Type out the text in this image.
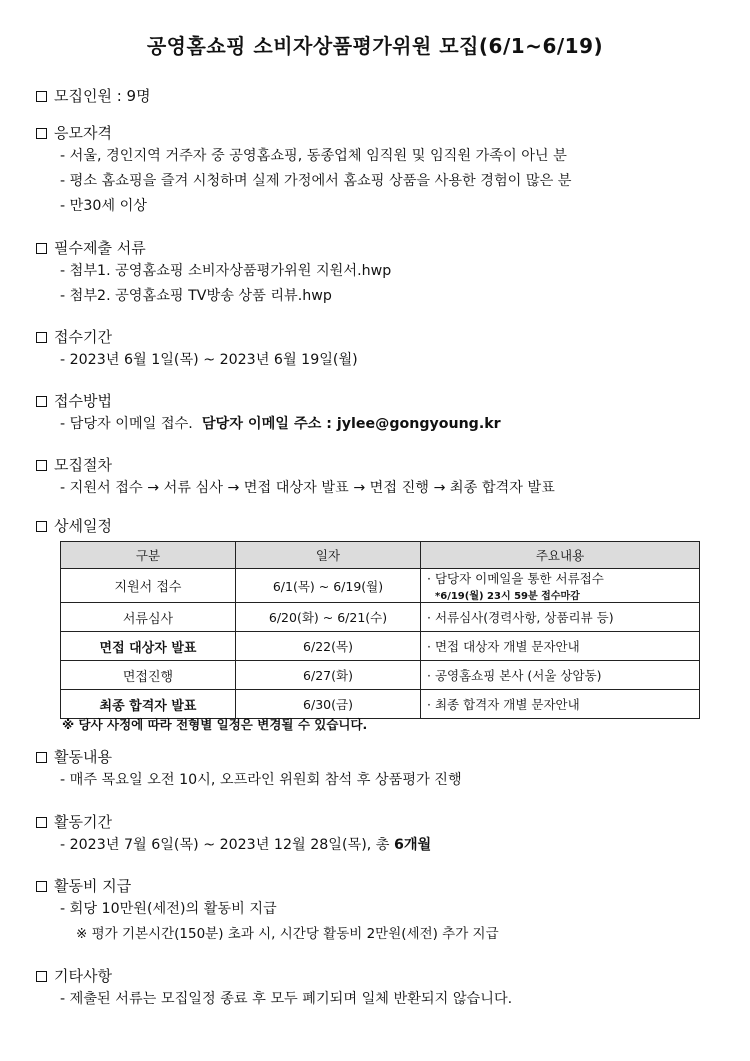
공영홈쇼핑 소비자상품평가위원 모집(6/1~6/19)
모집인원 : 9명
응모자격
- 서울, 경인지역 거주자 중 공영홈쇼핑, 동종업체 임직원 및 임직원 가족이 아닌 분
- 평소 홈쇼핑을 즐겨 시청하며 실제 가정에서 홈쇼핑 상품을 사용한 경험이 많은 분
- 만30세 이상
필수제출 서류
- 첨부1. 공영홈쇼핑 소비자상품평가위원 지원서.hwp
- 첨부2. 공영홈쇼핑 TV방송 상품 리뷰.hwp
접수기간
- 2023년 6월 1일(목) ~ 2023년 6월 19일(월)
접수방법
- 담당자 이메일 접수. 담당자 이메일 주소 : jylee@gongyoung.kr
모집절차
- 지원서 접수 → 서류 심사 → 면접 대상자 발표 → 면접 진행 → 최종 합격자 발표
상세일정
구분	일자	주요내용
지원서 접수	6/1(목) ~ 6/19(월)	· 담당자 이메일을 통한 서류접수
*6/19(월) 23시 59분 접수마감

서류심사	6/20(화) ~ 6/21(수)	· 서류심사(경력사항, 상품리뷰 등)
면접 대상자 발표	6/22(목)	· 면접 대상자 개별 문자안내
면접진행	6/27(화)	· 공영홈쇼핑 본사 (서울 상암동)
최종 합격자 발표	6/30(금)	· 최종 합격자 개별 문자안내
※ 당사 사정에 따라 전형별 일정은 변경될 수 있습니다.
활동내용
- 매주 목요일 오전 10시, 오프라인 위원회 참석 후 상품평가 진행
활동기간
- 2023년 7월 6일(목) ~ 2023년 12월 28일(목), 총 6개월
활동비 지급
- 회당 10만원(세전)의 활동비 지급
※ 평가 기본시간(150분) 초과 시, 시간당 활동비 2만원(세전) 추가 지급
기타사항
- 제출된 서류는 모집일정 종료 후 모두 폐기되며 일체 반환되지 않습니다.
